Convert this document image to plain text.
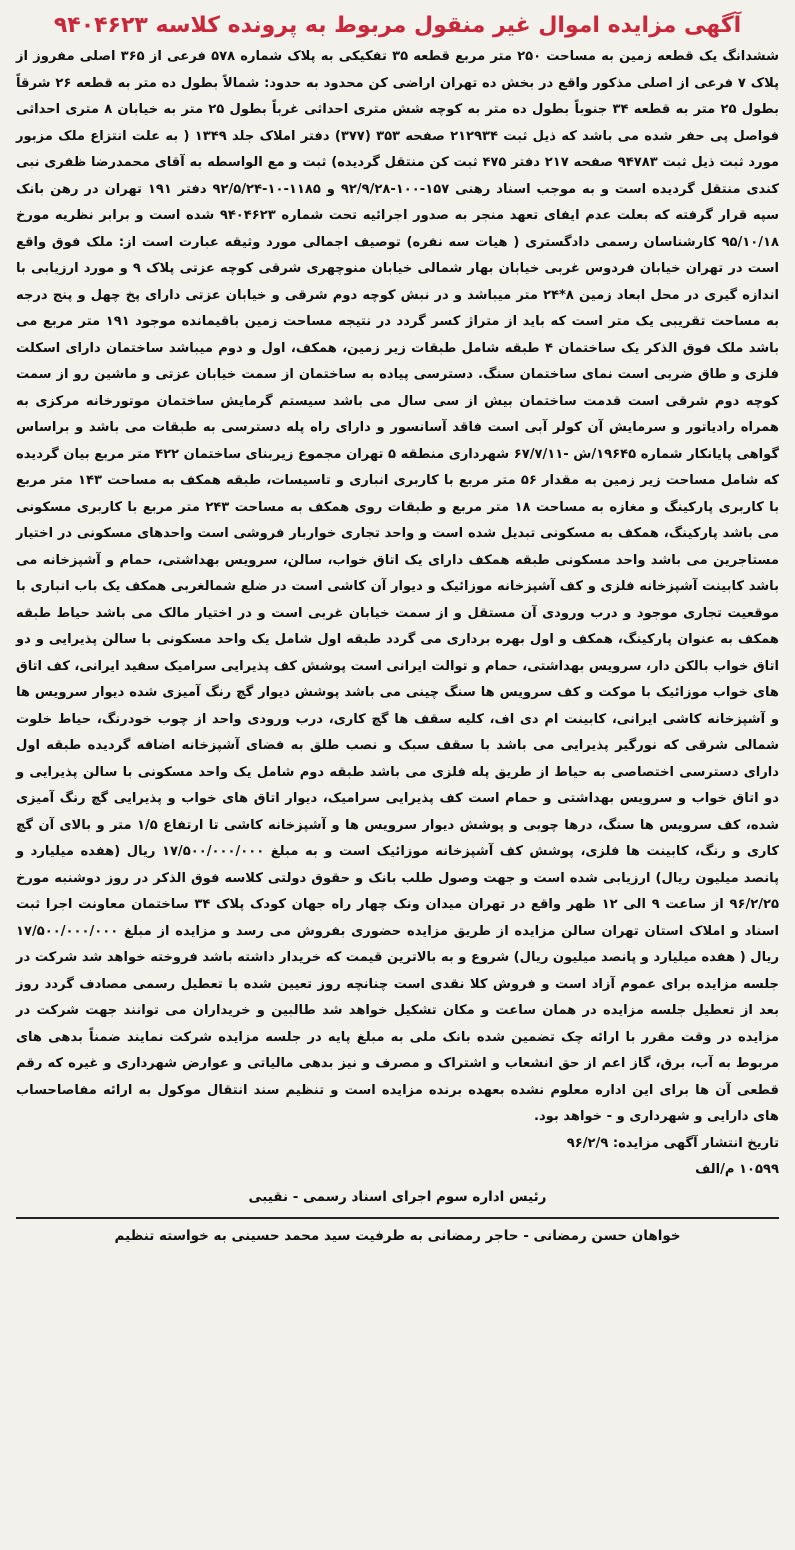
آگهی مزایده اموال غیر منقول مربوط به پرونده کلاسه ۹۴۰۴۶۲۳

ششدانگ یک قطعه زمین به مساحت ۲۵۰ متر مربع قطعه ۳۵ تفکیکی به پلاک شماره ۵۷۸ فرعی از ۳۶۵ اصلی مفروز از پلاک ۷ فرعی از اصلی مذکور واقع در بخش ده تهران اراضی کن محدود به حدود: شمالاً بطول ده متر به قطعه ۲۶ شرقاً بطول ۲۵ متر به قطعه ۳۴ جنوباً بطول ده متر به کوچه شش متری احداثی غرباً بطول ۲۵ متر به خیابان ۸ متری احداثی فواصل پی حفر شده می باشد که ذیل ثبت ۲۱۲۹۳۴ صفحه ۳۵۳ (۳۷۷) دفتر املاک جلد ۱۳۴۹ ( به علت انتزاع ملک مزبور مورد ثبت ذیل ثبت ۹۴۷۸۳ صفحه ۲۱۷ دفتر ۴۷۵ ثبت کن منتقل گردیده) ثبت و مع الواسطه به آقای محمدرضا ظفری نبی کندی منتقل گردیده است و به موجب اسناد رهنی ۱۵۷-۱۰۰-۹۲/۹/۲۸ و ۱۱۸۵-۱۰-۹۲/۵/۲۴ دفتر ۱۹۱ تهران در رهن بانک سپه قرار گرفته که بعلت عدم ایفای تعهد منجر به صدور اجرائیه تحت شماره ۹۴۰۴۶۲۳ شده است و برابر نظریه مورخ ۹۵/۱۰/۱۸ کارشناسان رسمی دادگستری ( هیات سه نفره) توصیف اجمالی مورد وثیقه عبارت است از: ملک فوق واقع است در تهران خیابان فردوس غربی خیابان بهار شمالی خیابان منوچهری شرقی کوچه عزتی پلاک ۹ و مورد ارزیابی با اندازه گیری در محل ابعاد زمین ۸*۲۴ متر میباشد و در نبش کوچه دوم شرقی و خیابان عزتی دارای پخ چهل و پنج درجه به مساحت تقریبی یک متر است که باید از متراژ کسر گردد در نتیجه مساحت زمین باقیمانده موجود ۱۹۱ متر مربع می باشد ملک فوق الذکر یک ساختمان ۴ طبقه شامل طبقات زیر زمین، همکف، اول و دوم میباشد ساختمان دارای اسکلت فلزی و طاق ضربی است نمای ساختمان سنگ. دسترسی پیاده به ساختمان از سمت خیابان عزتی و ماشین رو از سمت کوچه دوم شرقی است قدمت ساختمان بیش از سی سال می باشد سیستم گرمایش ساختمان موتورخانه مرکزی به همراه رادیاتور و سرمایش آن کولر آبی است فاقد آسانسور و دارای راه پله دسترسی به طبقات می باشد و براساس گواهی پایانکار شماره ۱۹۶۴۵/ش -۶۷/۷/۱۱ شهرداری منطقه ۵ تهران مجموع زیربنای ساختمان ۴۲۲ متر مربع بیان گردیده که شامل مساحت زیر زمین به مقدار ۵۶ متر مربع با کاربری انباری و تاسیسات، طبقه همکف به مساحت ۱۴۳ متر مربع با کاربری پارکینگ و مغازه به مساحت ۱۸ متر مربع و طبقات روی همکف به مساحت ۲۴۳ متر مربع با کاربری مسکونی می باشد پارکینگ، همکف به مسکونی تبدیل شده است و واحد تجاری خواربار فروشی است واحدهای مسکونی در اختیار مستاجرین می باشد واحد مسکونی طبقه همکف دارای یک اتاق خواب، سالن، سرویس بهداشتی، حمام و آشپزخانه می باشد کابینت آشپزخانه فلزی و کف آشپزخانه موزائیک و دیوار آن کاشی است در ضلع شمالغربی همکف یک باب انباری با موقعیت تجاری موجود و درب ورودی آن مستقل و از سمت خیابان غربی است و در اختیار مالک می باشد حیاط طبقه همکف به عنوان پارکینگ، همکف و اول بهره برداری می گردد طبقه اول شامل یک واحد مسکونی با سالن پذیرایی و دو اتاق خواب بالکن دار، سرویس بهداشتی، حمام و توالت ایرانی است پوشش کف پذیرایی سرامیک سفید ایرانی، کف اتاق های خواب موزائیک با موکت و کف سرویس ها سنگ چینی می باشد پوشش دیوار گچ رنگ آمیزی شده دیوار سرویس ها و آشپزخانه کاشی ایرانی، کابینت ام دی اف، کلیه سقف ها گچ کاری، درب ورودی واحد از چوب خودرنگ، حیاط خلوت شمالی شرقی که نورگیر پذیرایی می باشد با سقف سبک و نصب طلق به فضای آشپزخانه اضافه گردیده طبقه اول دارای دسترسی اختصاصی به حیاط از طریق پله فلزی می باشد طبقه دوم شامل یک واحد مسکونی با سالن پذیرایی و دو اتاق خواب و سرویس بهداشتی و حمام است کف پذیرایی سرامیک، دیوار اتاق های خواب و پذیرایی گچ رنگ آمیزی شده، کف سرویس ها سنگ، درها چوبی و پوشش دیوار سرویس ها و آشپزخانه کاشی تا ارتفاع ۱/۵ متر و بالای آن گچ کاری و رنگ، کابینت ها فلزی، پوشش کف آشپزخانه موزائیک است و به مبلغ ۱۷/۵۰۰/۰۰۰/۰۰۰ ریال (هفده میلیارد و پانصد میلیون ریال) ارزیابی شده است و جهت وصول طلب بانک و حقوق دولتی کلاسه فوق الذکر در روز دوشنبه مورخ ۹۶/۲/۲۵ از ساعت ۹ الی ۱۲ ظهر واقع در تهران میدان ونک چهار راه جهان کودک پلاک ۳۴ ساختمان معاونت اجرا ثبت اسناد و املاک استان تهران سالن مزایده از طریق مزایده حضوری بفروش می رسد و مزایده از مبلغ ۱۷/۵۰۰/۰۰۰/۰۰۰ ریال ( هفده میلیارد و پانصد میلیون ریال) شروع و به بالاترین قیمت که خریدار داشته باشد فروخته خواهد شد شرکت در جلسه مزایده برای عموم آزاد است و فروش کلا نقدی است چنانچه روز تعیین شده با تعطیل رسمی مصادف گردد روز بعد از تعطیل جلسه مزایده در همان ساعت و مکان تشکیل خواهد شد طالبین و خریداران می توانند جهت شرکت در مزایده در وقت مقرر با ارائه چک تضمین شده بانک ملی به مبلغ پایه در جلسه مزایده شرکت نمایند ضمناً بدهی های مربوط به آب، برق، گاز اعم از حق انشعاب و اشتراک و مصرف و نیز بدهی مالیاتی و عوارض شهرداری و غیره که رقم قطعی آن ها برای این اداره معلوم نشده بعهده برنده مزایده است و تنظیم سند انتقال موکول به ارائه مفاصاحساب های دارایی و شهرداری و - خواهد بود.

تاریخ انتشار آگهی مزایده: ۹۶/۲/۹
۱۰۵۹۹ م/الف
رئیس اداره سوم اجرای اسناد رسمی - نقیبی
خواهان حسن رمضانی - حاجر رمضانی به طرفیت سید محمد حسینی به خواسته تنظیم
